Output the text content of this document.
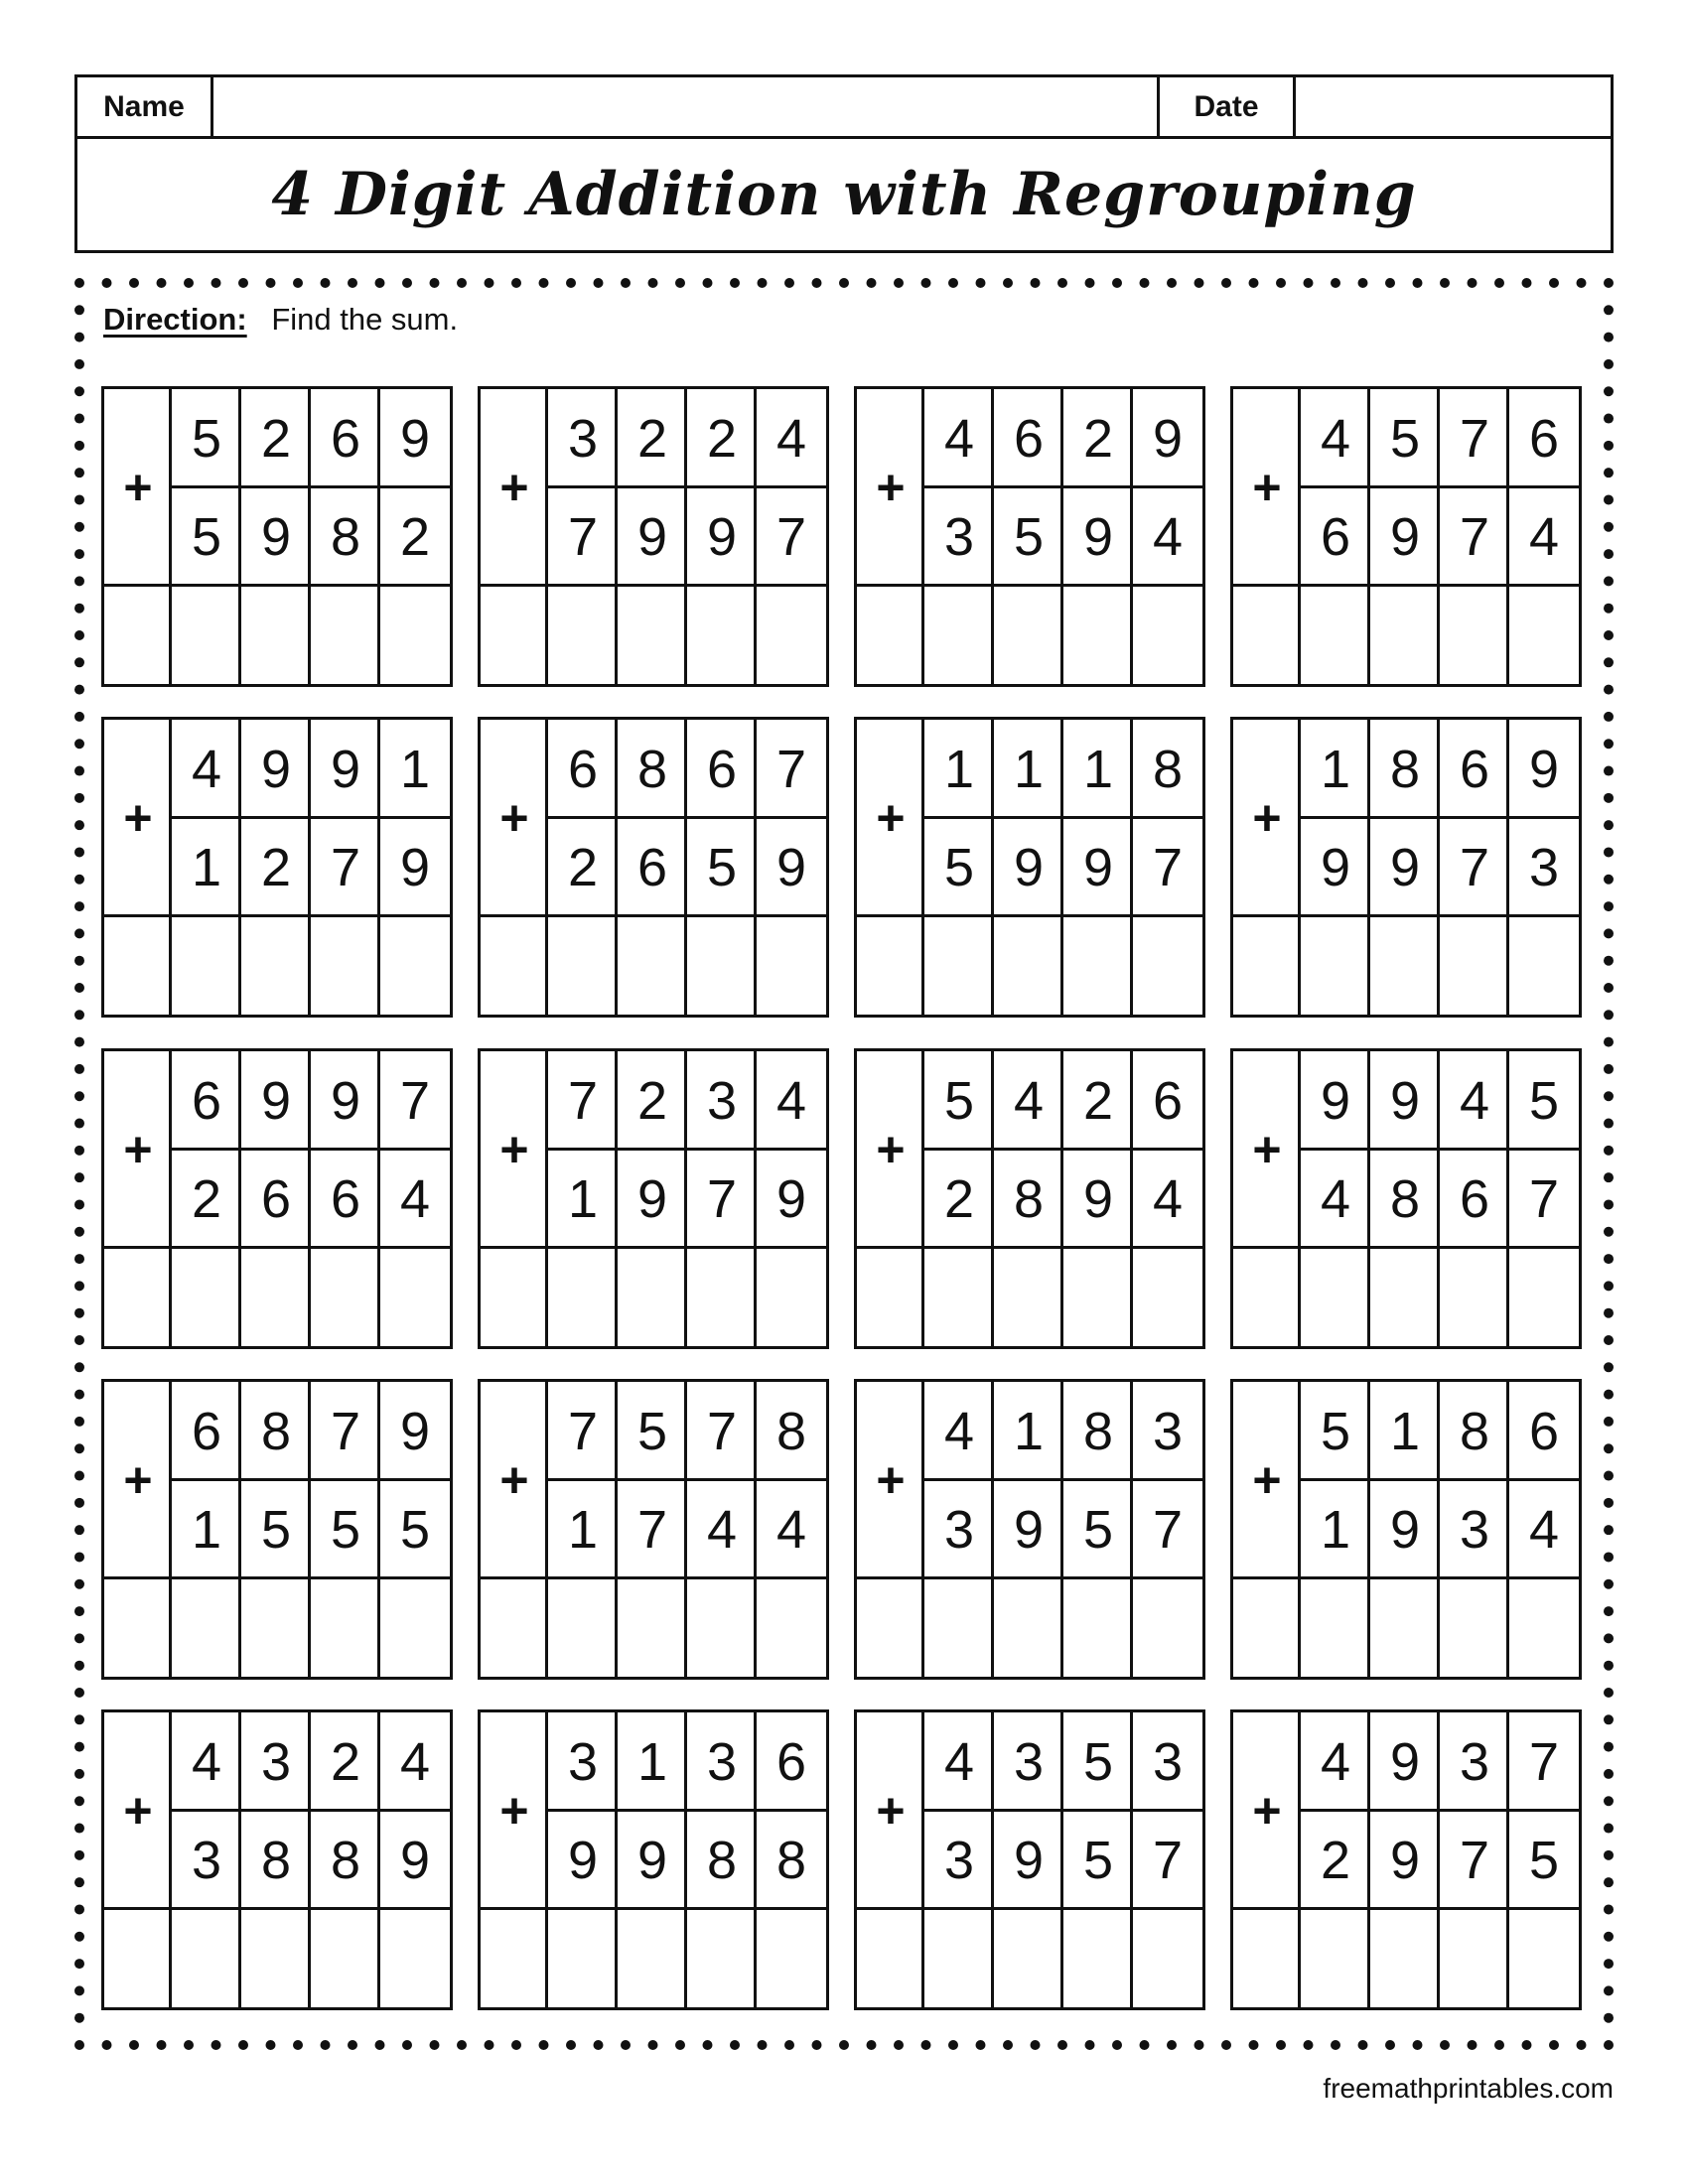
Name	Date
4 Digit Addition with Regrouping
Direction: Find the sum.
+
5
5
2
9
6
8
9
2
+
3
7
2
9
2
9
4
7
+
4
3
6
5
2
9
9
4
+
4
6
5
9
7
7
6
4
+
4
1
9
2
9
7
1
9
+
6
2
8
6
6
5
7
9
+
1
5
1
9
1
9
8
7
+
1
9
8
9
6
7
9
3
+
6
2
9
6
9
6
7
4
+
7
1
2
9
3
7
4
9
+
5
2
4
8
2
9
6
4
+
9
4
9
8
4
6
5
7
+
6
1
8
5
7
5
9
5
+
7
1
5
7
7
4
8
4
+
4
3
1
9
8
5
3
7
+
5
1
1
9
8
3
6
4
+
4
3
3
8
2
8
4
9
+
3
9
1
9
3
8
6
8
+
4
3
3
9
5
5
3
7
+
4
2
9
9
3
7
7
5
freemathprintables.com
